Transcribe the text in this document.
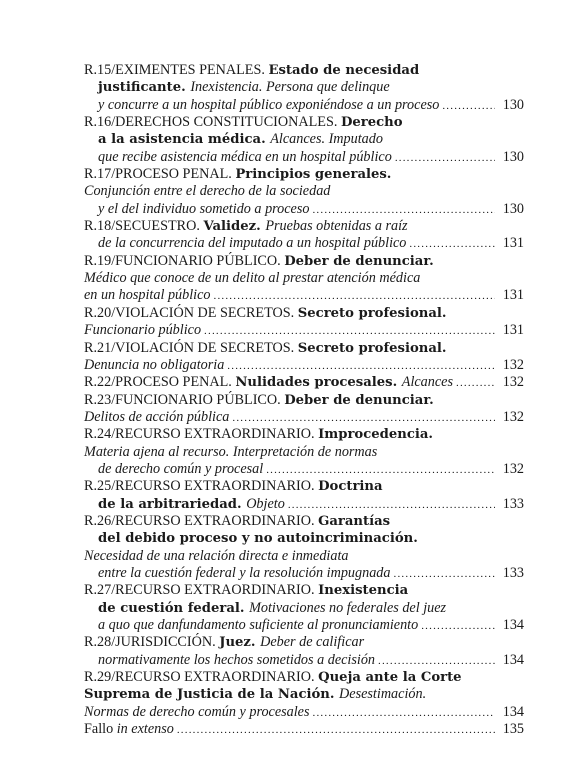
R.15/EXIMENTES PENALES. Estado de necesidad
justificante. Inexistencia. Persona que delinque
y concurre a un hospital público exponiéndose a un proceso .....	130
R.16/DERECHOS CONSTITUCIONALES. Derecho
a la asistencia médica. Alcances. Imputado
que recibe asistencia médica en un hospital público .....	130
R.17/PROCESO PENAL. Principios generales.
Conjunción entre el derecho de la sociedad
y el del individuo sometido a proceso .....	130
R.18/SECUESTRO. Validez. Pruebas obtenidas a raíz
de la concurrencia del imputado a un hospital público .....	131
R.19/FUNCIONARIO PÚBLICO. Deber de denunciar.
Médico que conoce de un delito al prestar atención médica
en un hospital público .....	131
R.20/VIOLACIÓN DE SECRETOS. Secreto profesional.
Funcionario público .....	131
R.21/VIOLACIÓN DE SECRETOS. Secreto profesional.
Denuncia no obligatoria .....	132
R.22/PROCESO PENAL. Nulidades procesales. Alcances .....	132
R.23/FUNCIONARIO PÚBLICO. Deber de denunciar.
Delitos de acción pública .....	132
R.24/RECURSO EXTRAORDINARIO. Improcedencia.
Materia ajena al recurso. Interpretación de normas
de derecho común y procesal .....	132
R.25/RECURSO EXTRAORDINARIO. Doctrina
de la arbitrariedad. Objeto .....	133
R.26/RECURSO EXTRAORDINARIO. Garantías
del debido proceso y no autoincriminación.
Necesidad de una relación directa e inmediata
entre la cuestión federal y la resolución impugnada .....	133
R.27/RECURSO EXTRAORDINARIO. Inexistencia
de cuestión federal. Motivaciones no federales del juez
a quo que danfundamento suficiente al pronunciamiento .....	134
R.28/JURISDICCIÓN. Juez. Deber de calificar
normativamente los hechos sometidos a decisión .....	134
R.29/RECURSO EXTRAORDINARIO. Queja ante la Corte
Suprema de Justicia de la Nación. Desestimación.
Normas de derecho común y procesales .....	134
Fallo in extenso .....	135
